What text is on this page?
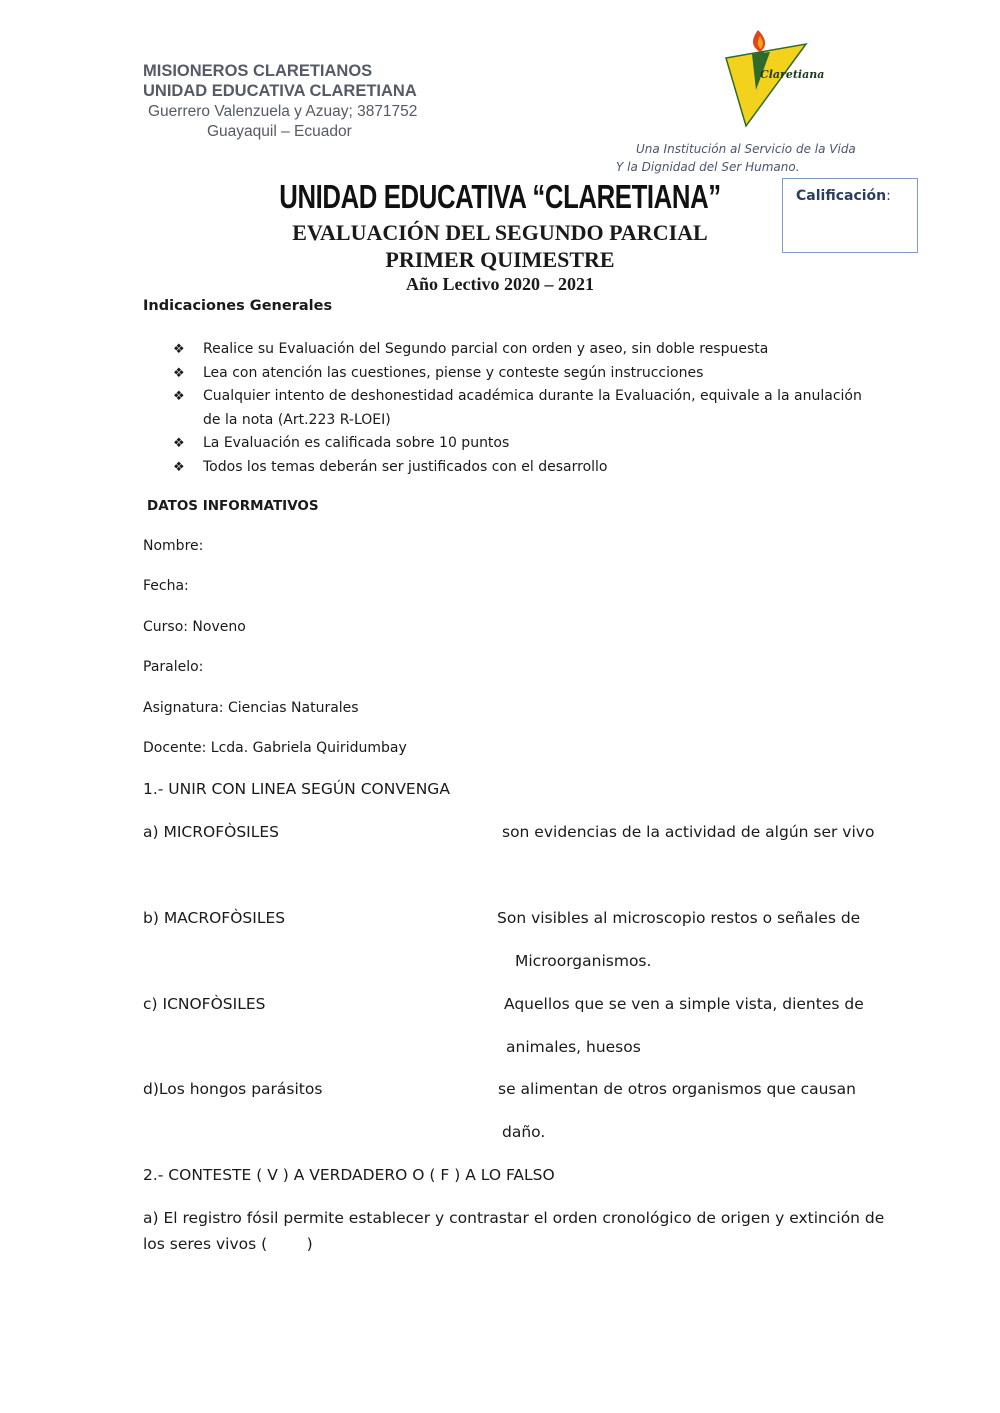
MISIONEROS CLARETIANOS
UNIDAD EDUCATIVA CLARETIANA
Guerrero Valenzuela y Azuay; 3871752
Guayaquil – Ecuador
Claretiana
Una Institución al Servicio de la Vida
Y la Dignidad del Ser Humano.
UNIDAD EDUCATIVA “CLARETIANA”
EVALUACIÓN DEL SEGUNDO PARCIAL
PRIMER QUIMESTRE
Año Lectivo 2020 – 2021
Calificación:
Indicaciones Generales
❖ Realice su Evaluación del Segundo parcial con orden y aseo, sin doble respuesta
❖ Lea con atención las cuestiones, piense y conteste según instrucciones
❖ Cualquier intento de deshonestidad académica durante la Evaluación, equivale a la anulación de la nota (Art.223 R-LOEI)
❖ La Evaluación es calificada sobre 10 puntos
❖ Todos los temas deberán ser justificados con el desarrollo
DATOS INFORMATIVOS
Nombre:
Fecha:
Curso: Noveno
Paralelo:
Asignatura: Ciencias Naturales
Docente: Lcda. Gabriela Quiridumbay
1.- UNIR CON LINEA SEGÚN CONVENGA
a) MICROFÒSILES	son evidencias de la actividad de algún ser vivo
b) MACROFÒSILES	Son visibles al microscopio restos o señales de
Microorganismos.
c) ICNOFÒSILES	Aquellos que se ven a simple vista, dientes de
animales, huesos
d)Los hongos parásitos	se alimentan de otros organismos que causan
daño.
2.- CONTESTE ( V ) A VERDADERO O ( F ) A LO FALSO
a) El registro fósil permite establecer y contrastar el orden cronológico de origen y extinción de
los seres vivos (        )
